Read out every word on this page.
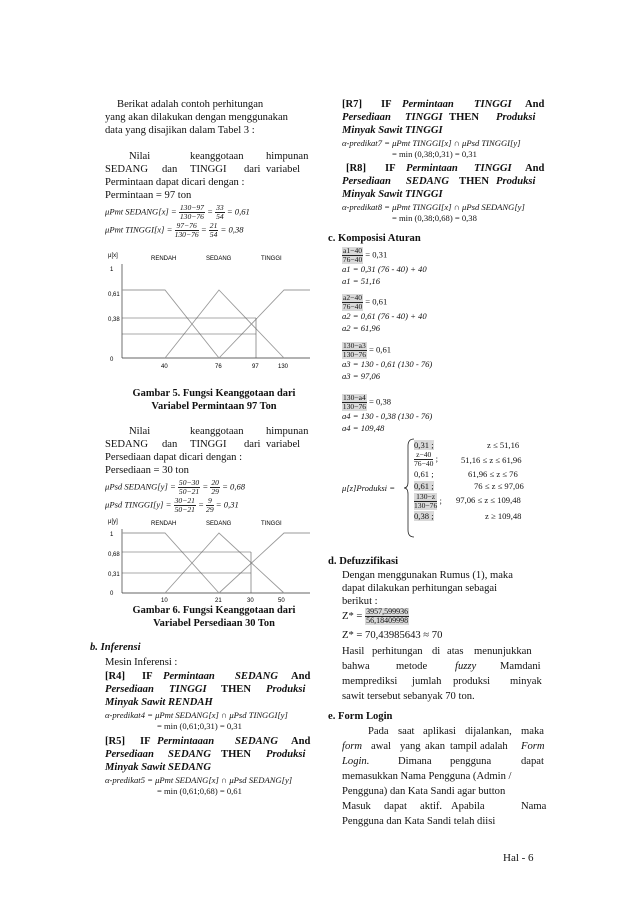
Berikat adalah contoh perhitungan
yang akan dilakukan dengan menggunakan
data yang disajikan dalam Tabel 3 :
Nilai	keanggotaan himpunan
SEDANG dan TINGGI dari variabel
Permintaan dapat dicari dengan :
Permintaan = 97 ton
μPmt SEDANG[x] = $\frac{130-97}{130-76} = \frac{33}{54} = 0,61$
μPmt TINGGI[x] = $\frac{97-76}{130-76} = \frac{21}{54} = 0,38$
μ[x]
1
0,61
0,38
0
RENDAH	SEDANG	TINGGI
40	76	97	130
Gambar 5. Fungsi Keanggotaan dari
Variabel Permintaan 97 Ton
Nilai	keanggotaan himpunan
SEDANG dan TINGGI dari variabel
Persediaan dapat dicari dengan :
Persediaan = 30 ton
μPsd SEDANG[y] = $\frac{50-30}{50-21} = \frac{20}{29} = 0,68$
μPsd TINGGI[y] = $\frac{30-21}{50-21} = \frac{9}{29} = 0,31$
μ[y]
1
0,68
0,31
0
RENDAH	SEDANG	TINGGI
10	21	30	50
Gambar 6. Fungsi Keanggotaan dari
Variabel Persediaan 30 Ton
b. Inferensi
Mesin Inferensi :
[R4] IF Permintaan SEDANG And
Persediaan TINGGI THEN Produksi
Minyak Sawit RENDAH
α-predikat4 = μPmt SEDANG[x] ∩ μPsd TINGGI[y]
= min (0,61;0,31) = 0,31
[R5] IF Permintaaan SEDANG And
Persediaan SEDANG THEN Produksi
Minyak Sawit SEDANG
α-predikat5 = μPmt SEDANG[x] ∩ μPsd SEDANG[y]
= min (0,61;0,68) = 0,61
[R7] IF Permintaan TINGGI And
Persediaan TINGGI THEN Produksi
Minyak Sawit TINGGI
α-predikat7 = μPmt TINGGI[x] ∩ μPsd TINGGI[y]
= min (0,38;0,31) = 0,31
[R8] IF Permintaan TINGGI And
Persediaan SEDANG THEN Produksi
Minyak Sawit TINGGI
α-predikat8 = μPmt TINGGI[x] ∩ μPsd SEDANG[y]
= min (0,38;0,68) = 0,38
c. Komposisi Aturan
$\frac{a1-40}{76-40} = 0,31$
a1 = 0,31 (76 - 40) + 40
a1 = 51,16
$\frac{a2-40}{76-40} = 0,61$
a2 = 0,61 (76 - 40) + 40
a2 = 61,96
$\frac{130-a3}{130-76} = 0,61$
a3 = 130 - 0,61 (130 - 76)
a3 = 97,06
$\frac{130-a4}{130-76} = 0,38$
a4 = 130 - 0,38 (130 - 76)
a4 = 109,48
μ[z]Produksi =
0,31 ;	z ≤ 51,16
$\frac{z-40}{76-40}$ ;	51,16 ≤ z ≤ 61,96
0,61 ;	61,96 ≤ z ≤ 76
0,61 ;	76 ≤ z ≤ 97,06
$\frac{130-z}{130-76}$ ; 97,06 ≤ z ≤ 109,48
0,38 ;	z ≥ 109,48
d. Defuzzifikasi
Dengan menggunakan Rumus (1), maka
dapat dilakukan perhitungan sebagai
berikut :
$Z* = \frac{3957,599936}{56,18409998}$
Z* = 70,43985643 ≈ 70
Hasil perhitungan di atas menunjukkan
bahwa metode	fuzzy Mamdani
memprediksi jumlah produksi minyak
sawit tersebut sebanyak 70 ton.
e. Form Login
Pada saat aplikasi dijalankan, maka
form awal yang akan tampil adalah Form
Login.	Dimana pengguna	dapat
memasukkan Nama Pengguna (Admin /
Pengguna) dan Kata Sandi agar button
Masuk dapat aktif. Apabila	Nama
Pengguna dan Kata Sandi telah diisi
Hal - 6
